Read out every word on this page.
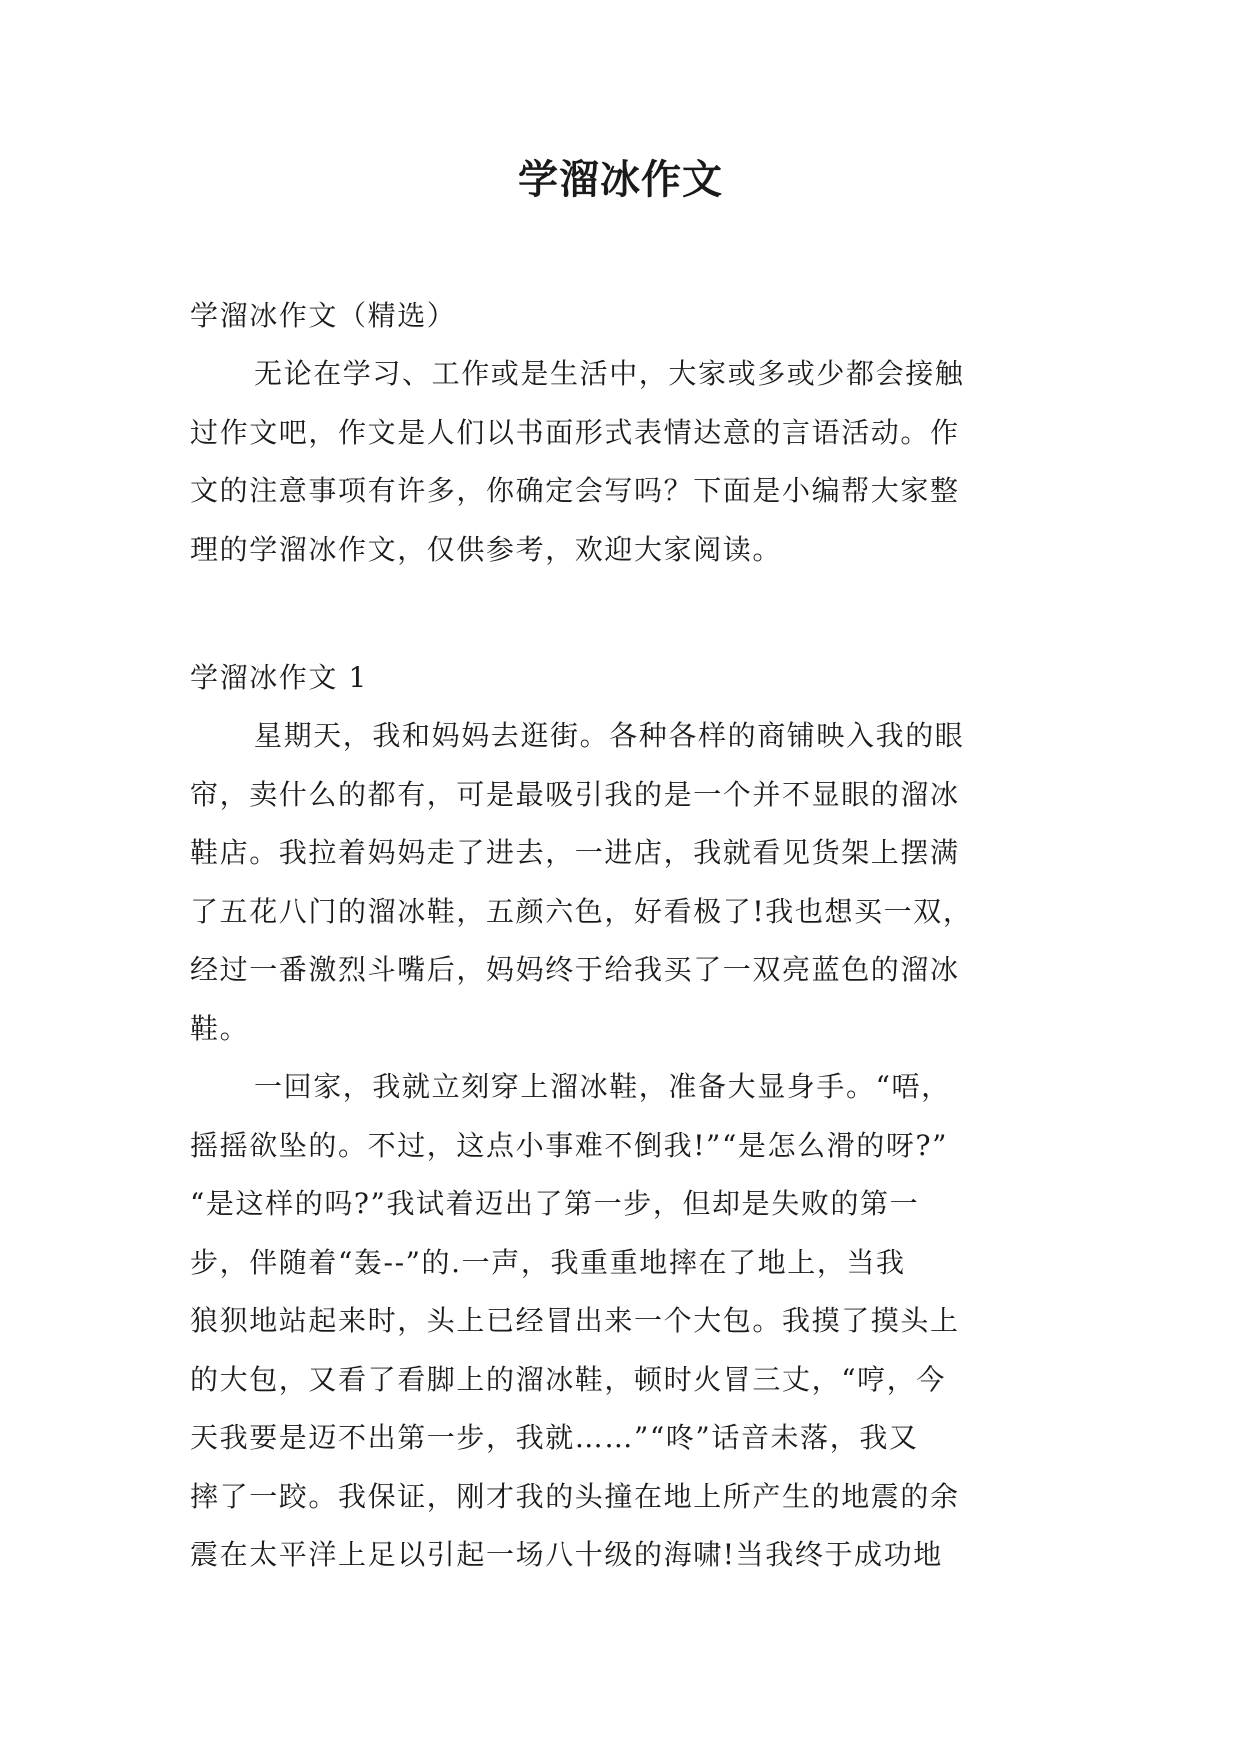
学溜冰作文

学溜冰作文（精选）

无论在学习、工作或是生活中，大家或多或少都会接触

过作文吧，作文是人们以书面形式表情达意的言语活动。作

文的注意事项有许多，你确定会写吗？下面是小编帮大家整

理的学溜冰作文，仅供参考，欢迎大家阅读。

学溜冰作文 1

星期天，我和妈妈去逛街。各种各样的商铺映入我的眼

帘，卖什么的都有，可是最吸引我的是一个并不显眼的溜冰

鞋店。我拉着妈妈走了进去，一进店，我就看见货架上摆满

了五花八门的溜冰鞋，五颜六色，好看极了!我也想买一双，

经过一番激烈斗嘴后，妈妈终于给我买了一双亮蓝色的溜冰

鞋。

一回家，我就立刻穿上溜冰鞋，准备大显身手。“唔，

摇摇欲坠的。不过，这点小事难不倒我!”“是怎么滑的呀?”

“是这样的吗?”我试着迈出了第一步，但却是失败的第一

步，伴随着“轰--”的.一声，我重重地摔在了地上，当我

狼狈地站起来时，头上已经冒出来一个大包。我摸了摸头上

的大包，又看了看脚上的溜冰鞋，顿时火冒三丈，“哼，今

天我要是迈不出第一步，我就……”“咚”话音未落，我又

摔了一跤。我保证，刚才我的头撞在地上所产生的地震的余

震在太平洋上足以引起一场八十级的海啸!当我终于成功地
